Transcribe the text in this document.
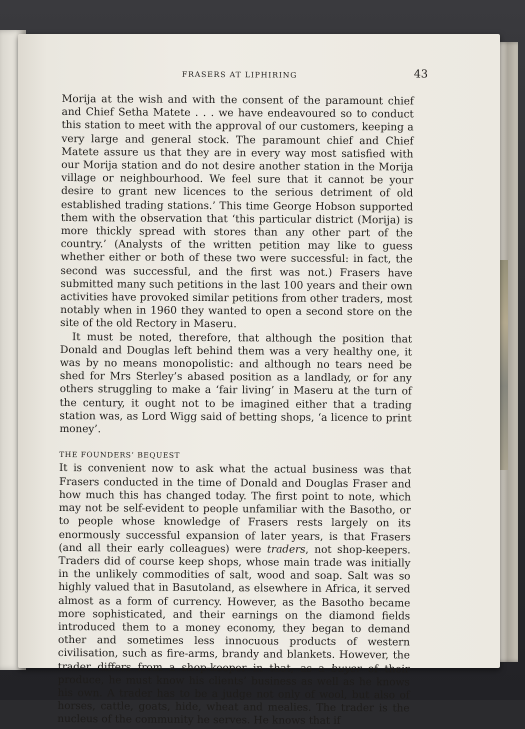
FRASERS AT LIPHIRING	43

Morija at the wish and with the consent of the paramount chief and Chief Setha Matete . . . we have endeavoured so to conduct this station to meet with the approval of our customers, keeping a very large and general stock. The paramount chief and Chief Matete assure us that they are in every way most satisfied with our Morija station and do not desire another station in the Morija village or neighbourhood. We feel sure that it cannot be your desire to grant new licences to the serious detriment of old established trading stations.’ This time George Hobson supported them with the observation that ‘this particular district (Morija) is more thickly spread with stores than any other part of the country.’ (Analysts of the written petition may like to guess whether either or both of these two were successful: in fact, the second was successful, and the first was not.) Frasers have submitted many such petitions in the last 100 years and their own activities have provoked similar petitions from other traders, most notably when in 1960 they wanted to open a second store on the site of the old Rectory in Maseru.

It must be noted, therefore, that although the position that Donald and Douglas left behind them was a very healthy one, it was by no means monopolistic: and although no tears need be shed for Mrs Sterley’s abased position as a landlady, or for any others struggling to make a ‘fair living’ in Maseru at the turn of the century, it ought not to be imagined either that a trading station was, as Lord Wigg said of betting shops, ‘a licence to print money’.

THE FOUNDERS’ BEQUEST

It is convenient now to ask what the actual business was that Frasers conducted in the time of Donald and Douglas Fraser and how much this has changed today. The first point to note, which may not be self-evident to people unfamiliar with the Basotho, or to people whose knowledge of Frasers rests largely on its enormously successful expansion of later years, is that Frasers (and all their early colleagues) were traders, not shop-keepers. Traders did of course keep shops, whose main trade was initially in the unlikely commodities of salt, wood and soap. Salt was so highly valued that in Basutoland, as elsewhere in Africa, it served almost as a form of currency. However, as the Basotho became more sophisticated, and their earnings on the diamond fields introduced them to a money economy, they began to demand other and sometimes less innocuous products of western civilisation, such as fire-arms, brandy and blankets. However, the trader differs from a shop-keeper in that, as a buyer of their produce, he must know his clients’ business as well as he knows his own. A trader has to be a judge not only of wool, but also of horses, cattle, goats, hide, wheat and mealies. The trader is the nucleus of the community he serves. He knows that if
